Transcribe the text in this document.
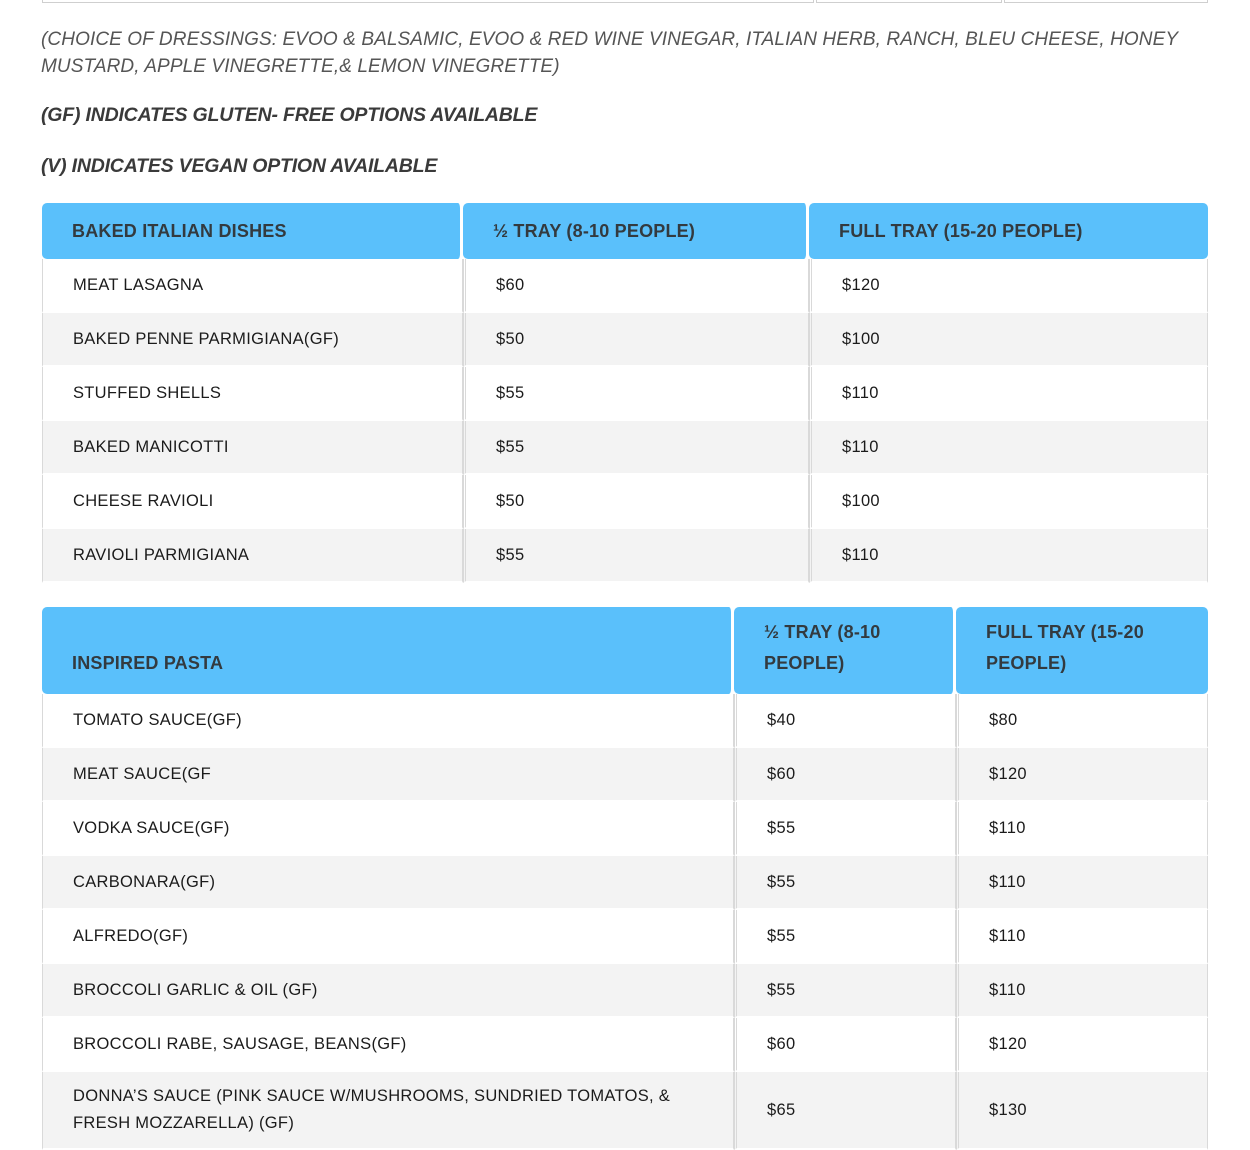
(CHOICE OF DRESSINGS: EVOO & BALSAMIC, EVOO & RED WINE VINEGAR, ITALIAN HERB, RANCH, BLEU CHEESE, HONEY MUSTARD, APPLE VINEGRETTE,& LEMON VINEGRETTE)
(GF) INDICATES GLUTEN- FREE OPTIONS AVAILABLE
(V) INDICATES VEGAN OPTION AVAILABLE
BAKED ITALIAN DISHES	½ TRAY (8-10 PEOPLE)	FULL TRAY (15-20 PEOPLE)
MEAT LASAGNA	$60	$120
BAKED PENNE PARMIGIANA(GF)	$50	$100
STUFFED SHELLS	$55	$110
BAKED MANICOTTI	$55	$110
CHEESE RAVIOLI	$50	$100
RAVIOLI PARMIGIANA	$55	$110
INSPIRED PASTA	½ TRAY (8-10 PEOPLE)	FULL TRAY (15-20 PEOPLE)
TOMATO SAUCE(GF)	$40	$80
MEAT SAUCE(GF	$60	$120
VODKA SAUCE(GF)	$55	$110
CARBONARA(GF)	$55	$110
ALFREDO(GF)	$55	$110
BROCCOLI GARLIC & OIL (GF)	$55	$110
BROCCOLI RABE, SAUSAGE, BEANS(GF)	$60	$120
DONNA’S SAUCE (PINK SAUCE W/MUSHROOMS, SUNDRIED TOMATOS, & FRESH MOZZARELLA) (GF)	$65	$130
